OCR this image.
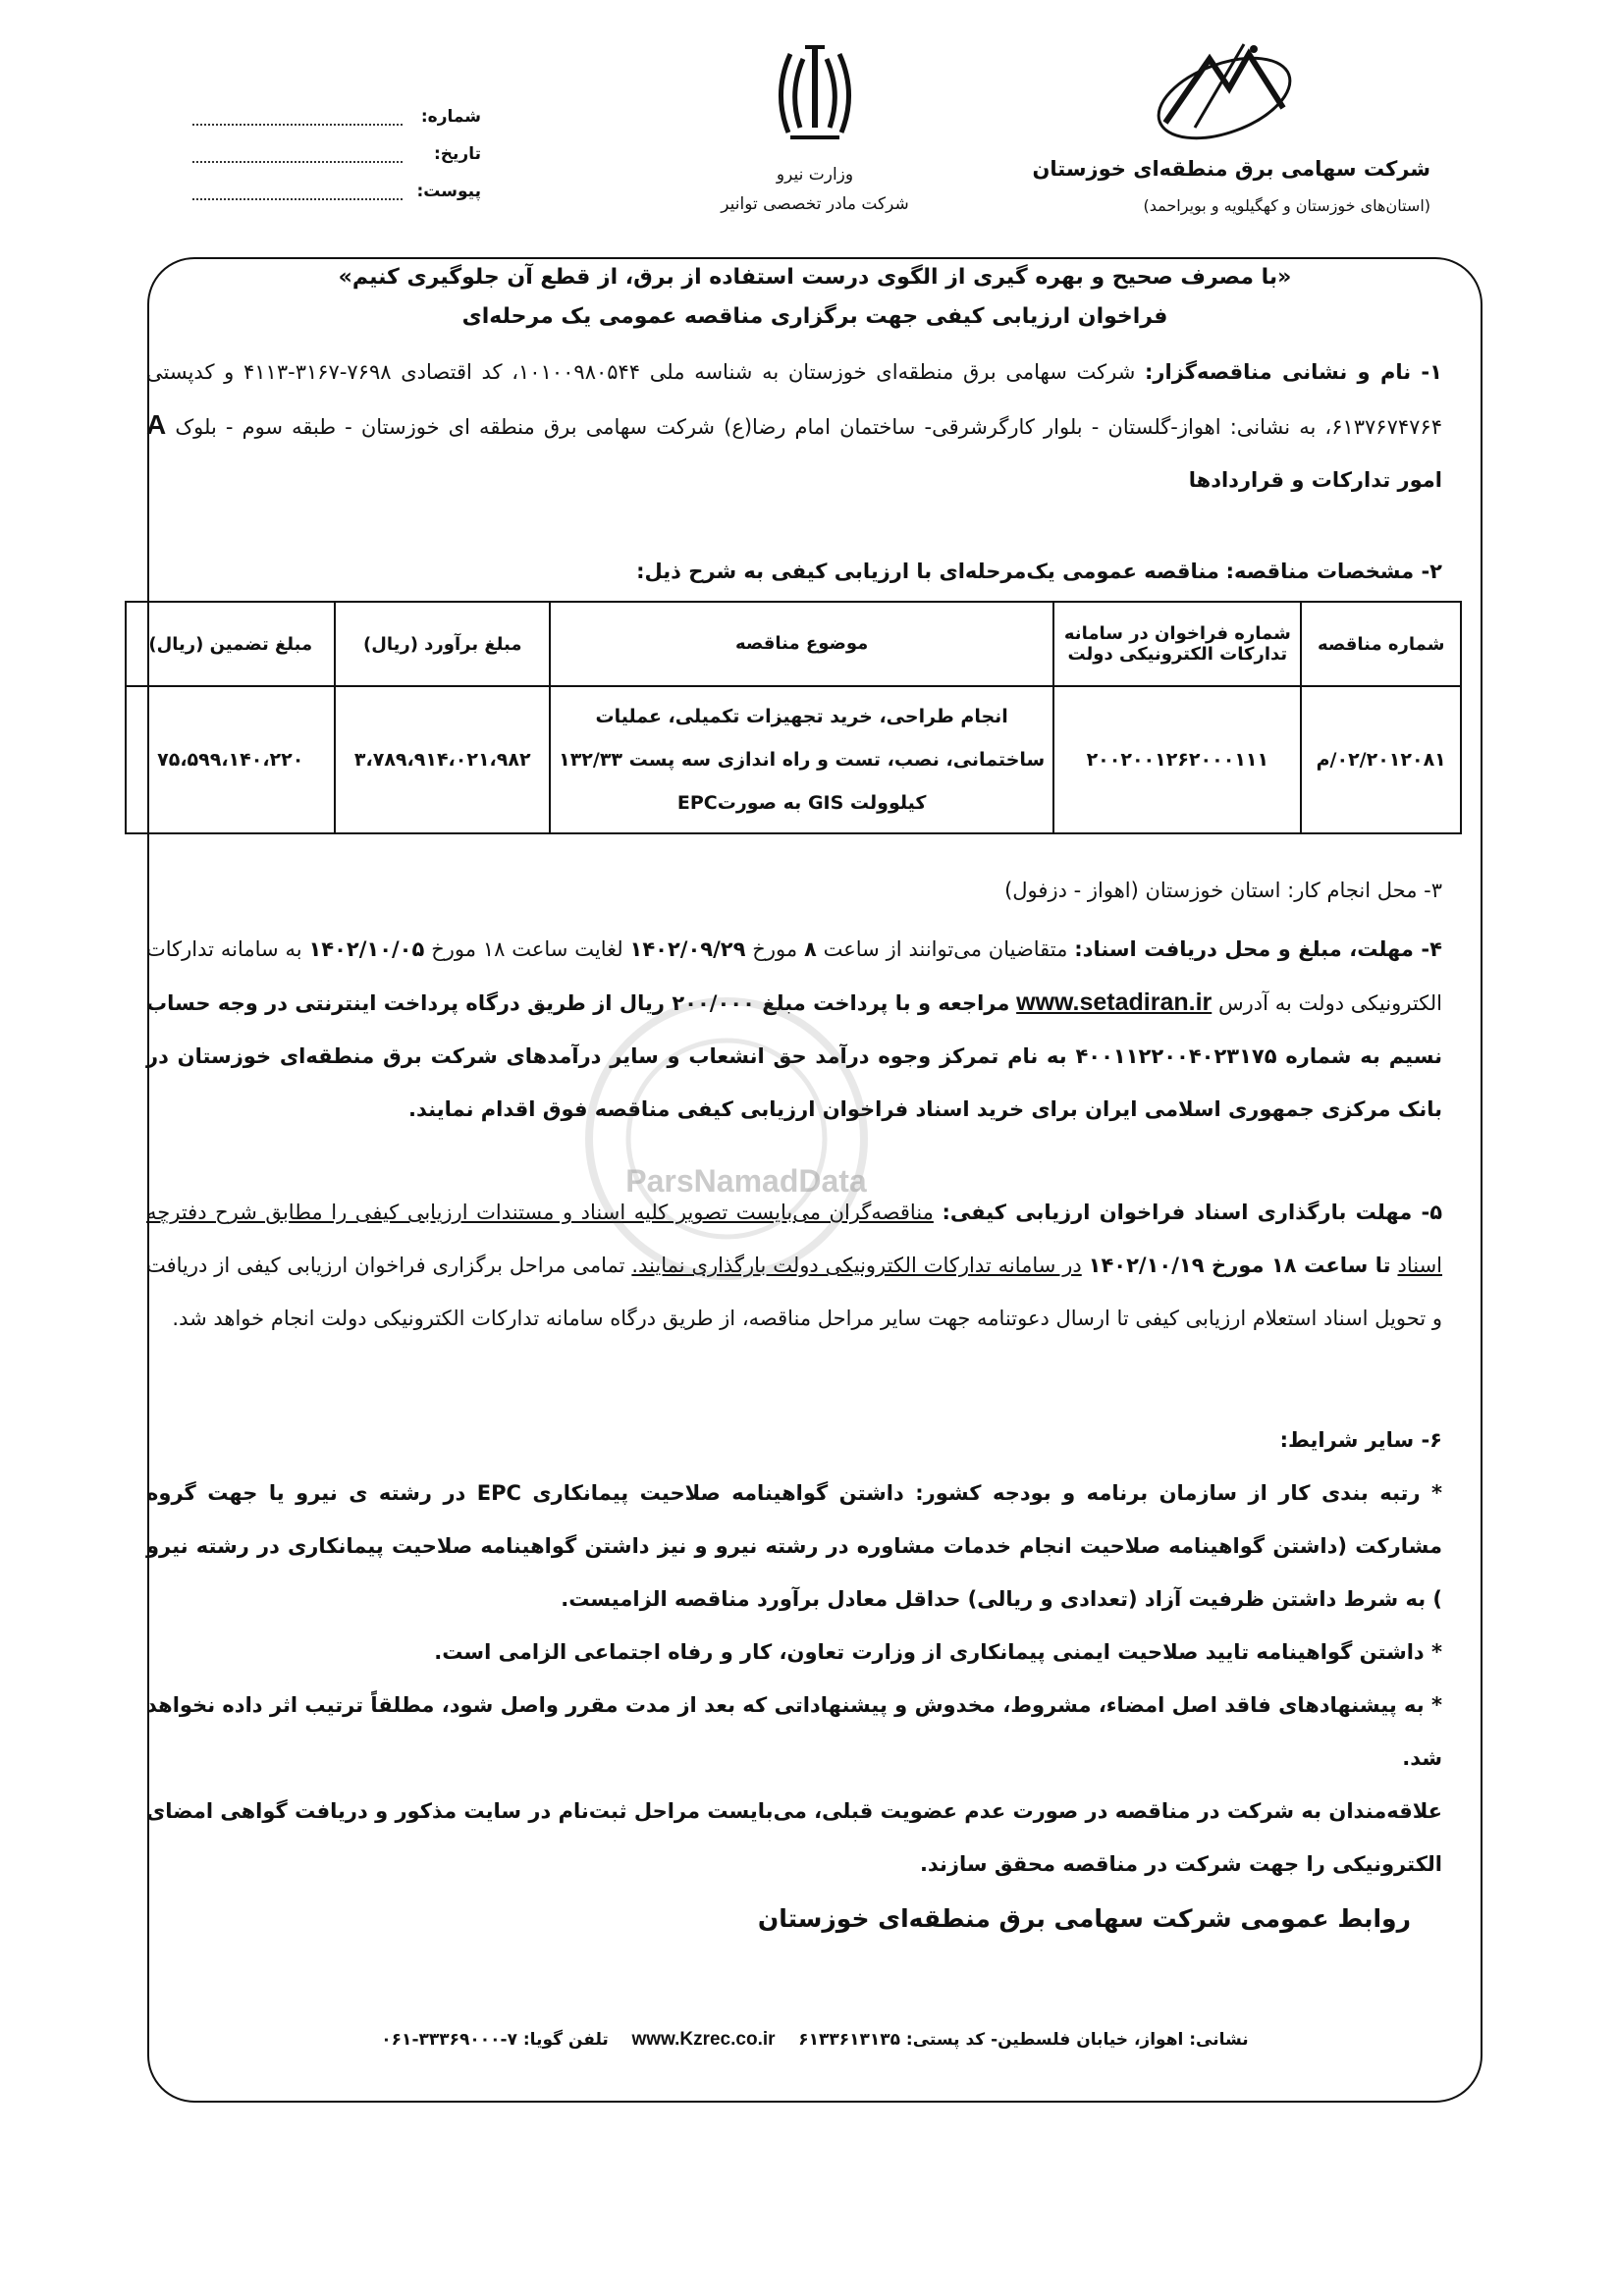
شرکت سهامی برق منطقه‌ای خوزستان
(استان‌های خوزستان و کهگیلویه و بویراحمد)
وزارت نیرو
شرکت مادر تخصصی توانیر
شماره:
تاریخ:
پیوست:
«با مصرف صحیح و بهره گیری از الگوی درست استفاده از برق، از قطع آن جلوگیری کنیم»
فراخوان ارزیابی کیفی جهت برگزاری مناقصه عمومی یک مرحله‌ای
۱- نام و نشانی مناقصه‌گزار: شرکت سهامی برق منطقه‌ای خوزستان به شناسه ملی ۱۰۱۰۰۹۸۰۵۴۴، کد اقتصادی ۷۶۹۸-۳۱۶۷-۴۱۱۳ و کدپستی ۶۱۳۷۶۷۴۷۶۴، به نشانی: اهواز-گلستان - بلوار کارگرشرقی- ساختمان امام رضا(ع) شرکت سهامی برق منطقه ای خوزستان - طبقه سوم - بلوک A امور تدارکات و قراردادها
۲- مشخصات مناقصه: مناقصه عمومی یک‌مرحله‌ای با ارزیابی کیفی به شرح ذیل:
شماره مناقصه	شماره فراخوان در سامانه تدارکات الکترونیکی دولت	موضوع مناقصه	مبلغ برآورد (ریال)	مبلغ تضمین (ریال)
۰۲/۲۰۱۲۰۸۱/م	۲۰۰۲۰۰۱۲۶۲۰۰۰۱۱۱	انجام طراحی، خرید تجهیزات تکمیلی، عملیات ساختمانی، نصب، تست و راه اندازی سه پست ۱۳۲/۳۳ کیلوولت GIS به صورتEPC	۳،۷۸۹،۹۱۴،۰۲۱،۹۸۲	۷۵،۵۹۹،۱۴۰،۲۲۰
۳- محل انجام کار: استان خوزستان (اهواز - دزفول)
۴- مهلت، مبلغ و محل دریافت اسناد: متقاضیان می‌توانند از ساعت ۸ مورخ ۱۴۰۲/۰۹/۲۹ لغایت ساعت ۱۸ مورخ ۱۴۰۲/۱۰/۰۵ به سامانه تدارکات الکترونیکی دولت به آدرس www.setadiran.ir مراجعه و با پرداخت مبلغ ۲۰۰/۰۰۰ ریال از طریق درگاه پرداخت اینترنتی در وجه حساب نسیم به شماره ۴۰۰۱۱۲۲۰۰۴۰۲۳۱۷۵ به نام تمرکز وجوه درآمد حق انشعاب و سایر درآمدهای شرکت برق منطقه‌ای خوزستان در بانک مرکزی جمهوری اسلامی ایران برای خرید اسناد فراخوان ارزیابی کیفی مناقصه فوق اقدام نمایند.
۵- مهلت بارگذاری اسناد فراخوان ارزیابی کیفی: مناقصه‌گران می‌بایست تصویر کلیه اسناد و مستندات ارزیابی کیفی را مطابق شرح دفترچه اسناد تا ساعت ۱۸ مورخ ۱۴۰۲/۱۰/۱۹ در سامانه تدارکات الکترونیکی دولت بارگذاری نمایند. تمامی مراحل برگزاری فراخوان ارزیابی کیفی از دریافت و تحویل اسناد استعلام ارزیابی کیفی تا ارسال دعوتنامه جهت سایر مراحل مناقصه، از طریق درگاه سامانه تدارکات الکترونیکی دولت انجام خواهد شد.
۶- سایر شرایط:
* رتبه بندی کار از سازمان برنامه و بودجه کشور: داشتن گواهینامه صلاحیت پیمانکاری EPC در رشته ی نیرو یا جهت گروه مشارکت (داشتن گواهینامه صلاحیت انجام خدمات مشاوره در رشته نیرو و نیز داشتن گواهینامه صلاحیت پیمانکاری در رشته نیرو ) به شرط داشتن ظرفیت آزاد (تعدادی و ریالی) حداقل معادل برآورد مناقصه الزامیست.
* داشتن گواهینامه تایید صلاحیت ایمنی پیمانکاری از وزارت تعاون، کار و رفاه اجتماعی الزامی است.
* به پیشنهادهای فاقد اصل امضاء، مشروط، مخدوش و پیشنهاداتی که بعد از مدت مقرر واصل شود، مطلقاً ترتیب اثر داده نخواهد شد.
علاقه‌مندان به شرکت در مناقصه در صورت عدم عضویت قبلی، می‌بایست مراحل ثبت‌نام در سایت مذکور و دریافت گواهی امضای الکترونیکی را جهت شرکت در مناقصه محقق سازند.
روابط عمومی شرکت سهامی برق منطقه‌ای خوزستان
ParsNamadData
نشانی: اهواز، خیابان فلسطین- کد پستی: ۶۱۳۳۶۱۳۱۳۵    www.Kzrec.co.ir    تلفن گویا: ۷-۳۳۳۶۹۰۰۰-۰۶۱
